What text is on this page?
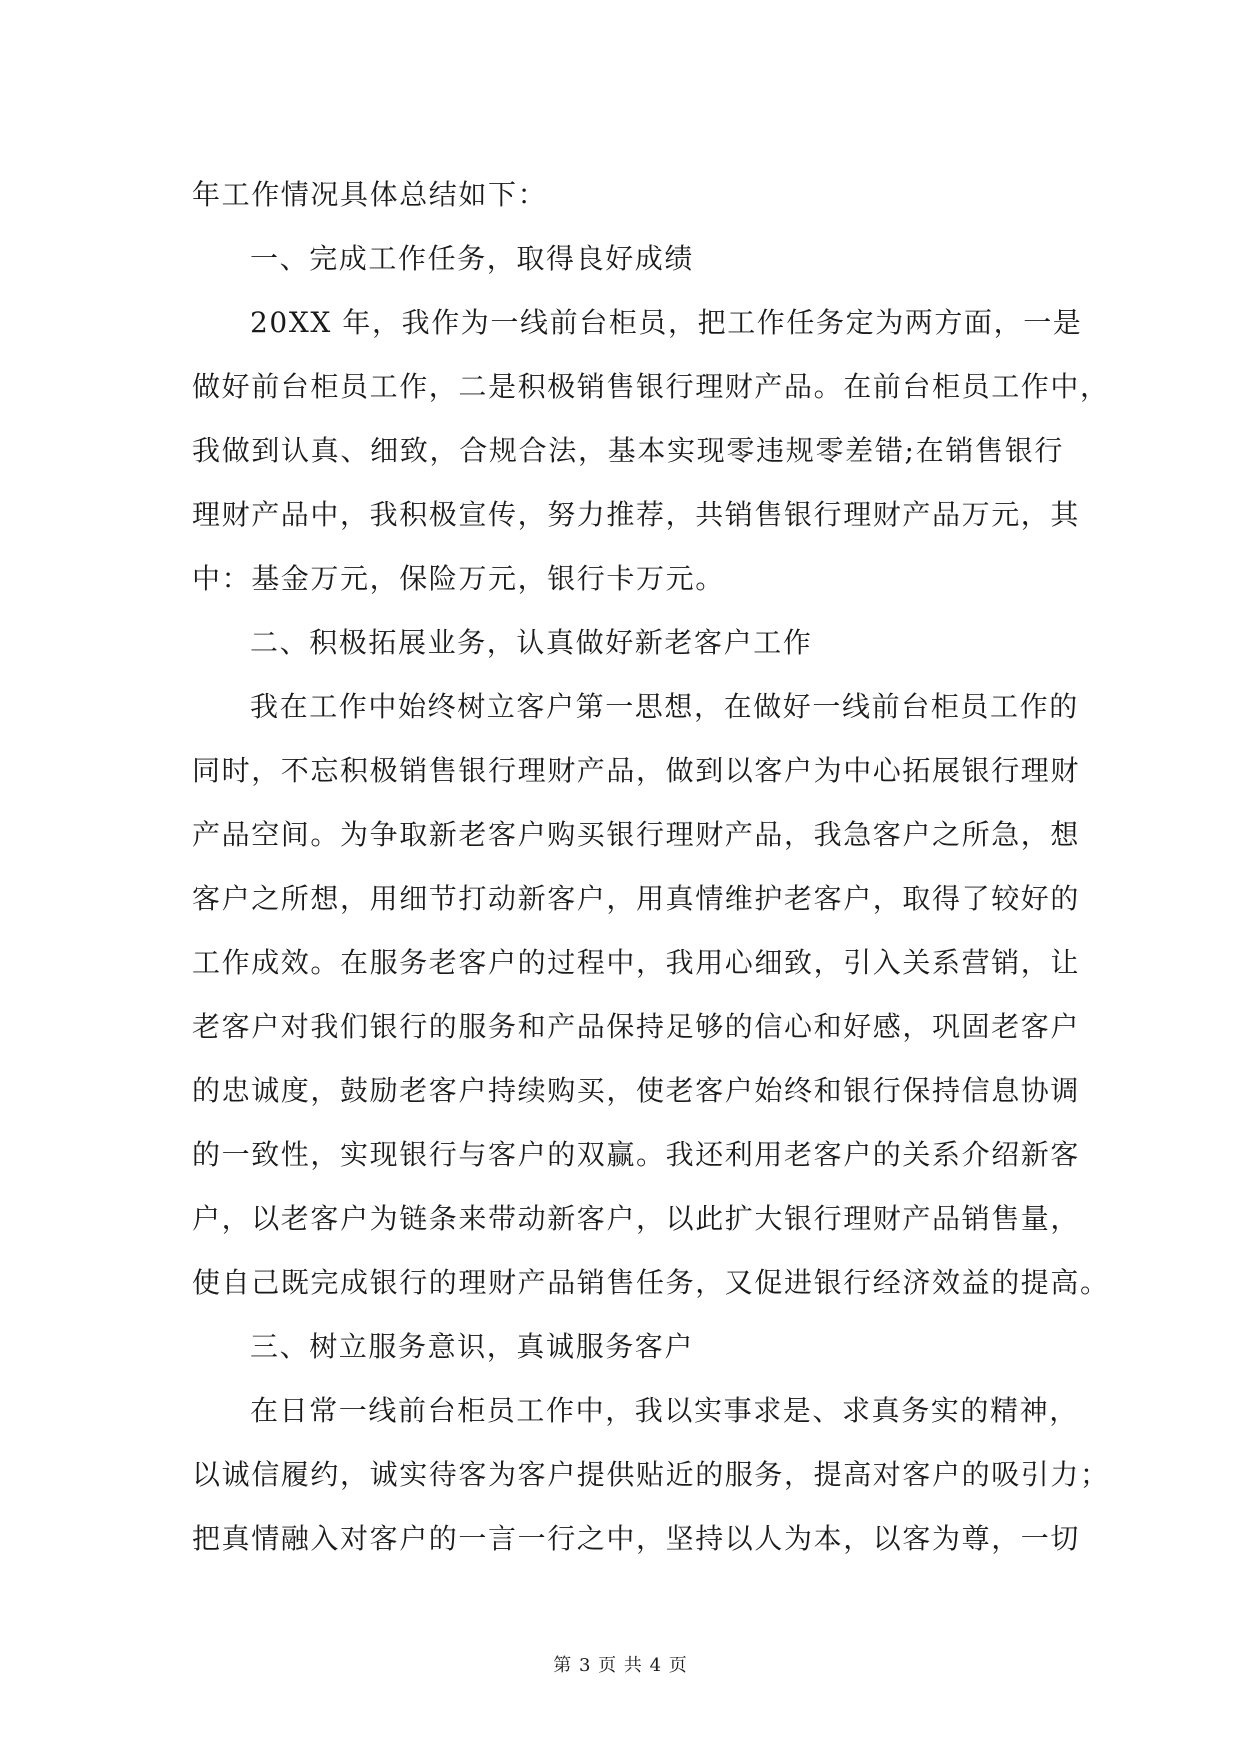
年工作情况具体总结如下：
一、完成工作任务，取得良好成绩
20XX 年，我作为一线前台柜员，把工作任务定为两方面，一是
做好前台柜员工作，二是积极销售银行理财产品。在前台柜员工作中，
我做到认真、细致，合规合法，基本实现零违规零差错;在销售银行
理财产品中，我积极宣传，努力推荐，共销售银行理财产品万元，其
中：基金万元，保险万元，银行卡万元。
二、积极拓展业务，认真做好新老客户工作
我在工作中始终树立客户第一思想，在做好一线前台柜员工作的
同时，不忘积极销售银行理财产品，做到以客户为中心拓展银行理财
产品空间。为争取新老客户购买银行理财产品，我急客户之所急，想
客户之所想，用细节打动新客户，用真情维护老客户，取得了较好的
工作成效。在服务老客户的过程中，我用心细致，引入关系营销，让
老客户对我们银行的服务和产品保持足够的信心和好感，巩固老客户
的忠诚度，鼓励老客户持续购买，使老客户始终和银行保持信息协调
的一致性，实现银行与客户的双赢。我还利用老客户的关系介绍新客
户，以老客户为链条来带动新客户，以此扩大银行理财产品销售量，
使自己既完成银行的理财产品销售任务，又促进银行经济效益的提高。
三、树立服务意识，真诚服务客户
在日常一线前台柜员工作中，我以实事求是、求真务实的精神，
以诚信履约，诚实待客为客户提供贴近的服务，提高对客户的吸引力；
把真情融入对客户的一言一行之中，坚持以人为本，以客为尊，一切
第 3 页 共 4 页
